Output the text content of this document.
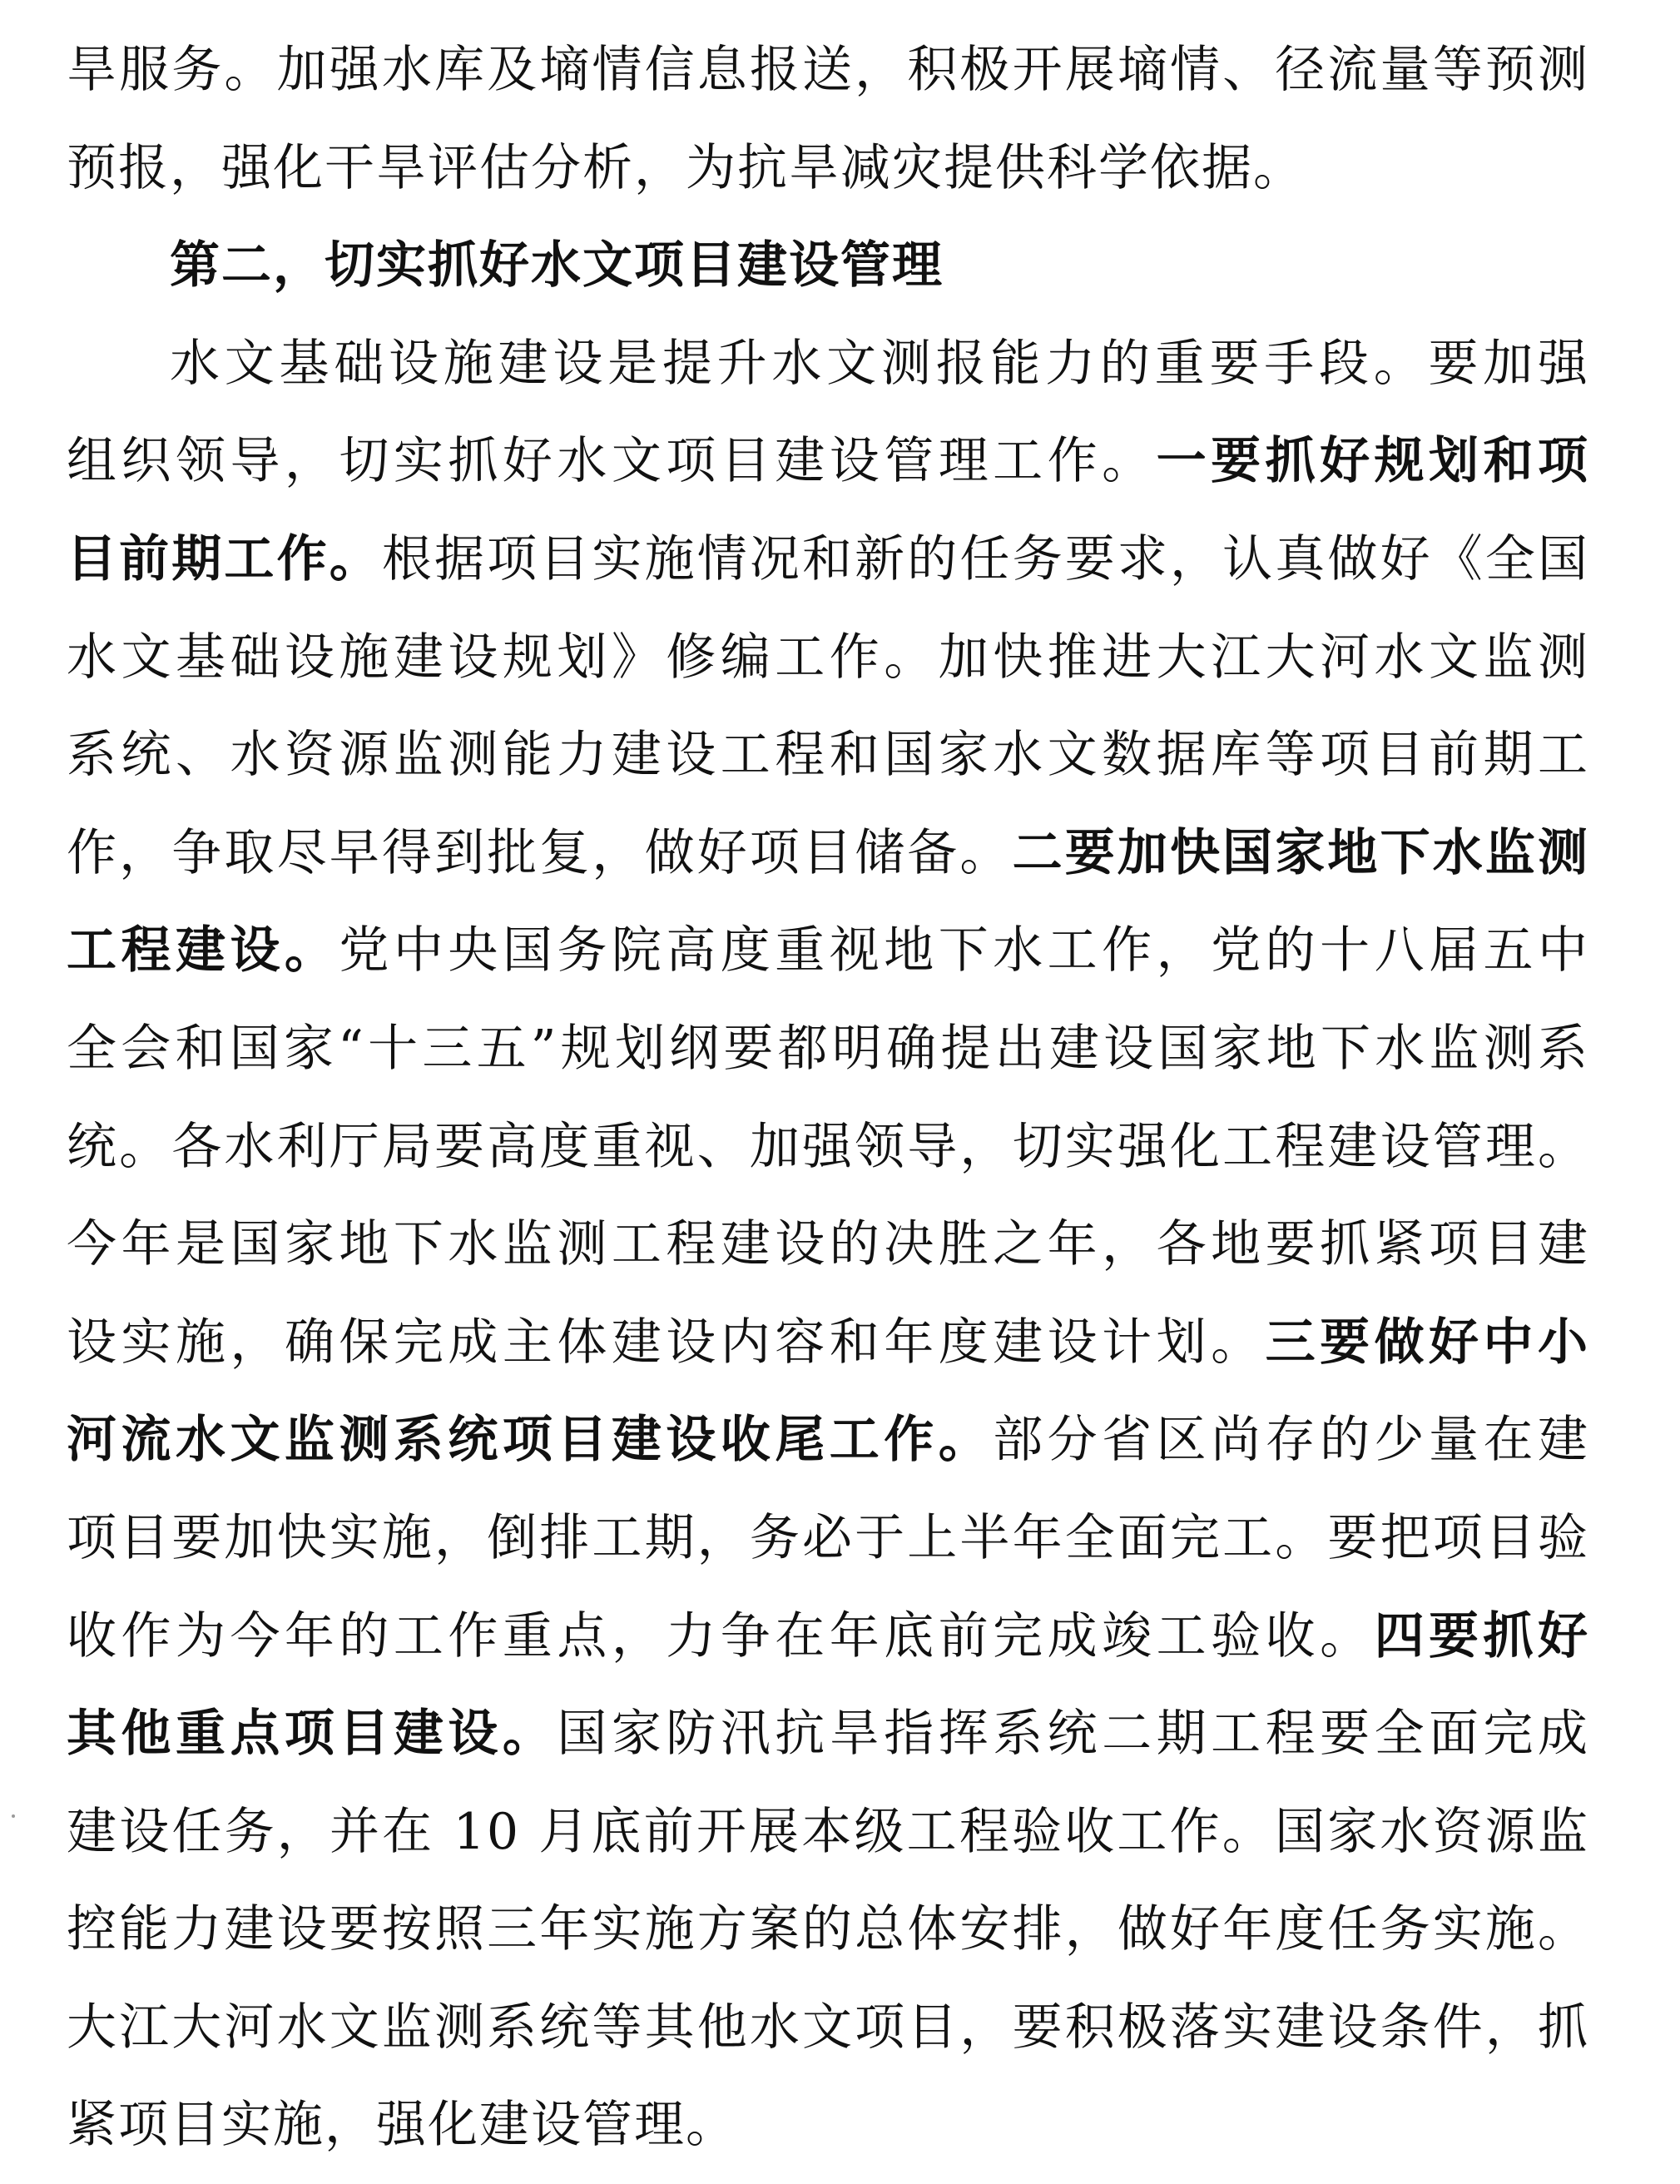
旱服务。加强水库及墒情信息报送，积极开展墒情、径流量等预测
预报，强化干旱评估分析，为抗旱减灾提供科学依据。
第二，切实抓好水文项目建设管理
水文基础设施建设是提升水文测报能力的重要手段。要加强
组织领导，切实抓好水文项目建设管理工作。一要抓好规划和项
目前期工作。根据项目实施情况和新的任务要求，认真做好《全国
水文基础设施建设规划》修编工作。加快推进大江大河水文监测
系统、水资源监测能力建设工程和国家水文数据库等项目前期工
作，争取尽早得到批复，做好项目储备。二要加快国家地下水监测
工程建设。党中央国务院高度重视地下水工作，党的十八届五中
全会和国家“十三五”规划纲要都明确提出建设国家地下水监测系
统。各水利厅局要高度重视、加强领导，切实强化工程建设管理。
今年是国家地下水监测工程建设的决胜之年，各地要抓紧项目建
设实施，确保完成主体建设内容和年度建设计划。三要做好中小
河流水文监测系统项目建设收尾工作。部分省区尚存的少量在建
项目要加快实施，倒排工期，务必于上半年全面完工。要把项目验
收作为今年的工作重点，力争在年底前完成竣工验收。四要抓好
其他重点项目建设。国家防汛抗旱指挥系统二期工程要全面完成
建设任务，并在 10 月底前开展本级工程验收工作。国家水资源监
控能力建设要按照三年实施方案的总体安排，做好年度任务实施。
大江大河水文监测系统等其他水文项目，要积极落实建设条件，抓
紧项目实施，强化建设管理。
